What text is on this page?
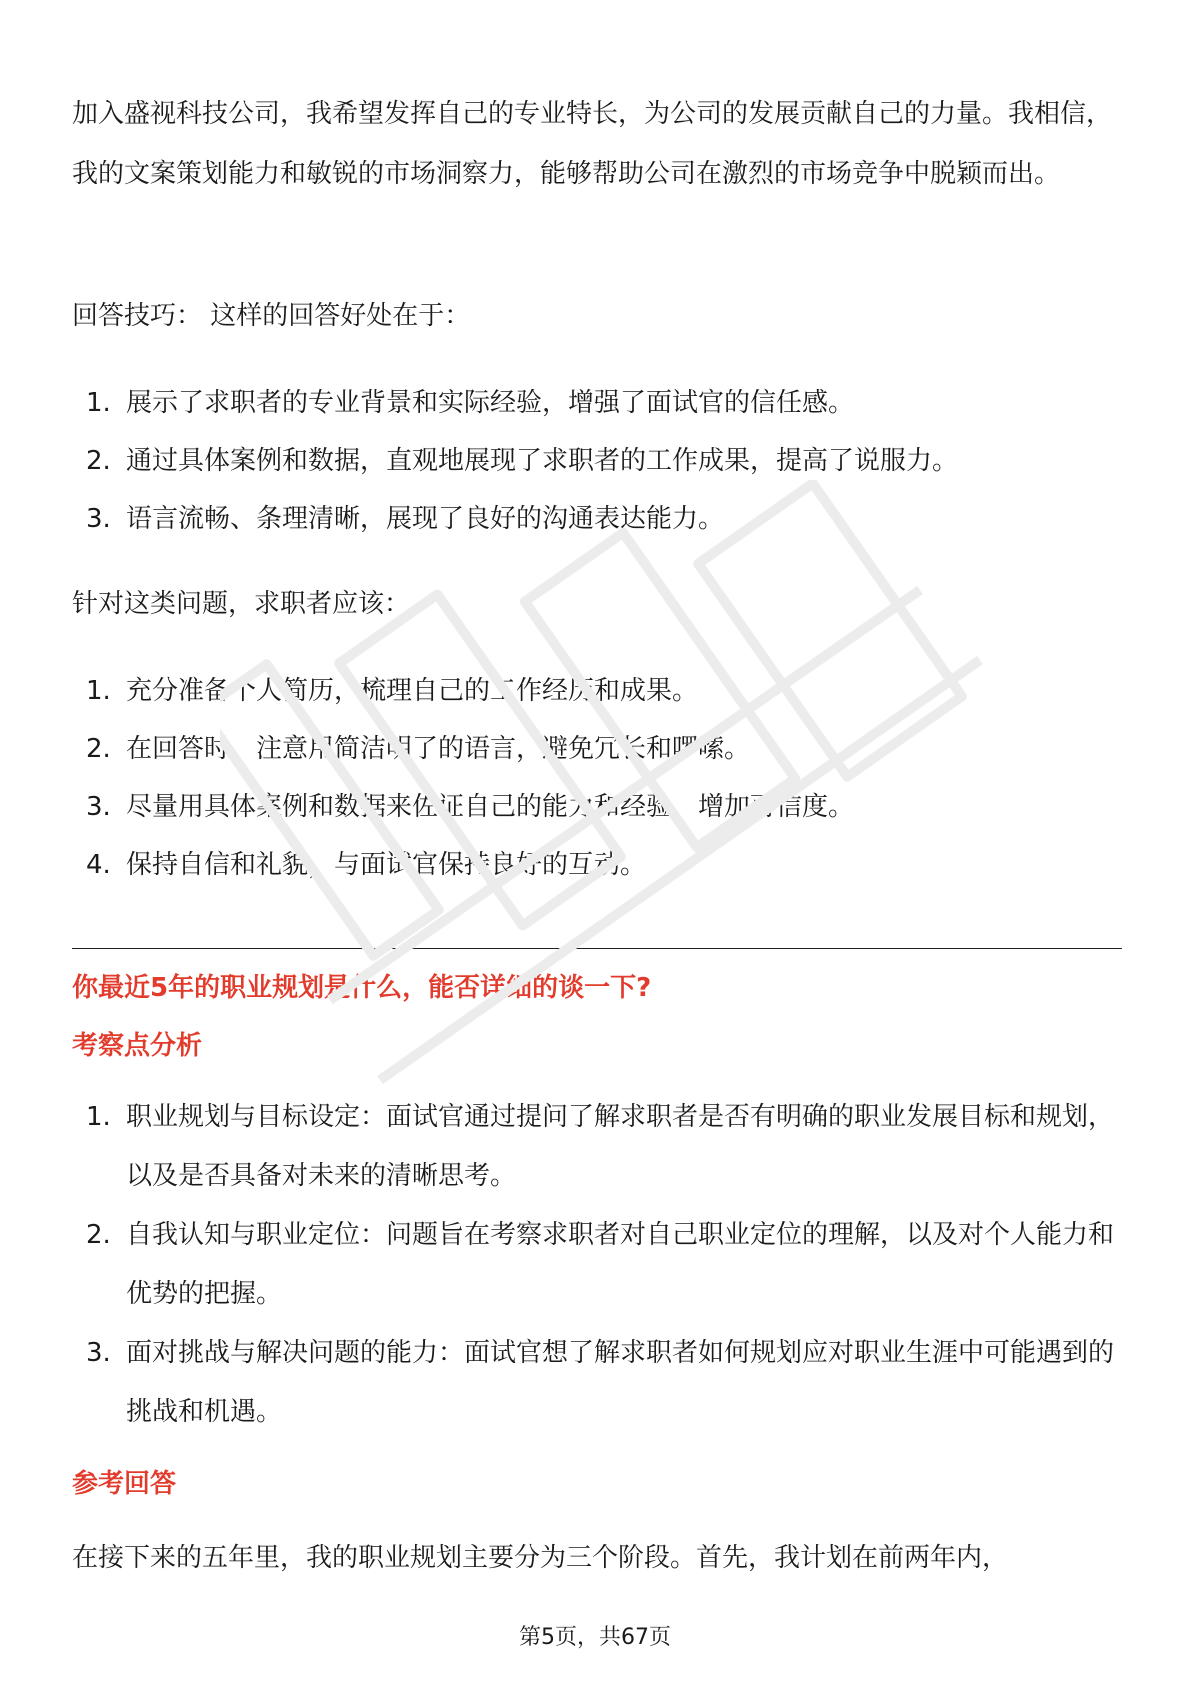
加入盛视科技公司，我希望发挥自己的专业特长，为公司的发展贡献自己的力量。我相信，我的文案策划能力和敏锐的市场洞察力，能够帮助公司在激烈的市场竞争中脱颖而出。

回答技巧： 这样的回答好处在于：

1. 展示了求职者的专业背景和实际经验，增强了面试官的信任感。
2. 通过具体案例和数据，直观地展现了求职者的工作成果，提高了说服力。
3. 语言流畅、条理清晰，展现了良好的沟通表达能力。

针对这类问题，求职者应该：

1. 充分准备个人简历，梳理自己的工作经历和成果。
2. 在回答时，注意用简洁明了的语言，避免冗长和啰嗦。
3. 尽量用具体案例和数据来佐证自己的能力和经验，增加可信度。
4. 保持自信和礼貌，与面试官保持良好的互动。

你最近5年的职业规划是什么，能否详细的谈一下?

考察点分析

1. 职业规划与目标设定：面试官通过提问了解求职者是否有明确的职业发展目标和规划，以及是否具备对未来的清晰思考。
2. 自我认知与职业定位：问题旨在考察求职者对自己职业定位的理解，以及对个人能力和优势的把握。
3. 面对挑战与解决问题的能力：面试官想了解求职者如何规划应对职业生涯中可能遇到的挑战和机遇。

参考回答

在接下来的五年里，我的职业规划主要分为三个阶段。首先，我计划在前两年内，

第5页，共67页
